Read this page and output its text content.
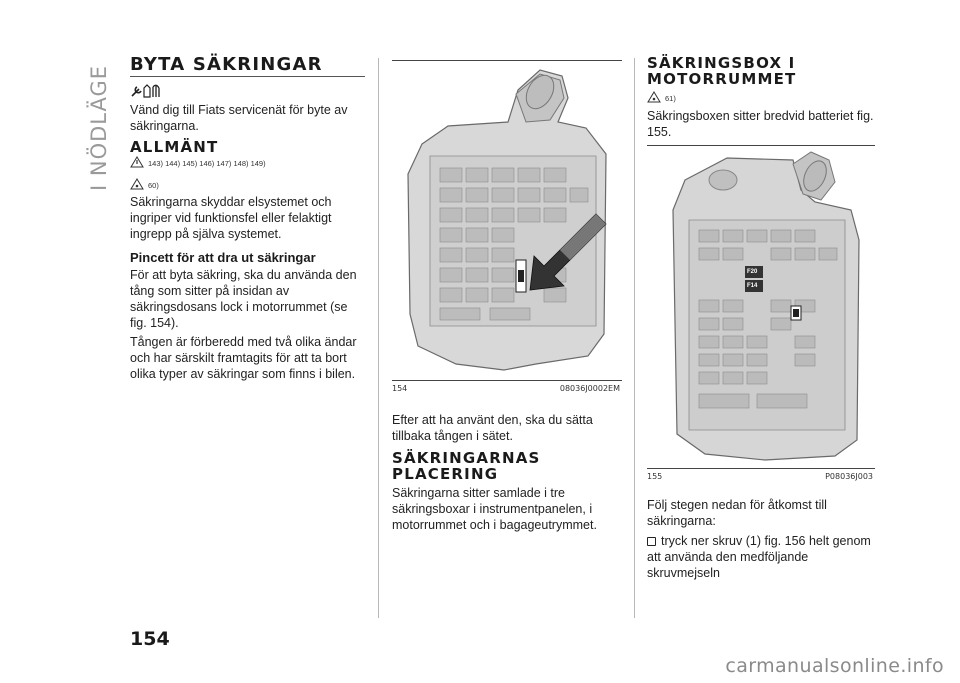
I NÖDLÄGE
154
carmanualsonline.info
BYTA SÄKRINGAR
Vänd dig till Fiats servicenät för byte av säkringarna.
ALLMÄNT
143) 144) 145) 146) 147) 148) 149)
60)
Säkringarna skyddar elsystemet och ingriper vid funktionsfel eller felaktigt ingrepp på själva systemet.
Pincett för att dra ut säkringar
För att byta säkring, ska du använda den tång som sitter på insidan av säkringsdosans lock i motorrummet (se fig. 154).
Tången är förberedd med två olika ändar och har särskilt framtagits för att ta bort olika typer av säkringar som finns i bilen.
154	08036J0002EM
Efter att ha använt den, ska du sätta tillbaka tången i sätet.
SÄKRINGARNAS
PLACERING
Säkringarna sitter samlade i tre säkringsboxar i instrumentpanelen, i motorrummet och i bagageutrymmet.
SÄKRINGSBOX I
MOTORRUMMET
61)
Säkringsboxen sitter bredvid batteriet fig. 155.
F20
F14
155	P08036J003
Följ stegen nedan för åtkomst till säkringarna:
tryck ner skruv (1) fig. 156 helt genom att använda den medföljande skruvmejseln
